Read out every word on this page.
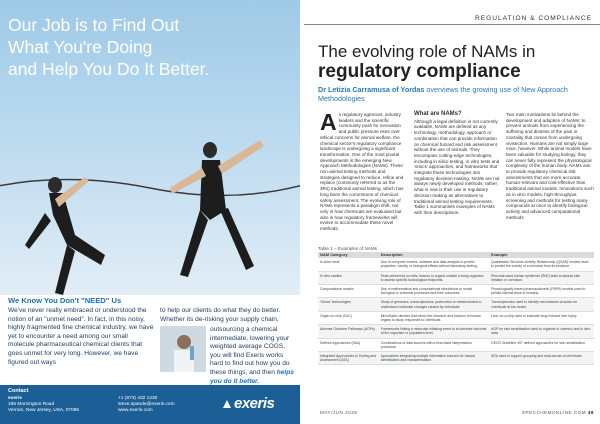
Our Job is to Find Out
What You're Doing
and Help You Do It Better.
We Know You Don't "NEED" Us
We've never really embraced or understood the notion of an "unmet need". In fact, in this noisy, highly fragmented fine chemical industry, we have yet to encounter a need among our small molecule pharmaceutical chemical clients that goes unmet for very long. However, we have figured out ways
to help our clients do what they do better. Whether its de-risking your supply chain,
outsourcing a chemical intermediate, lowering your weighted average COGS, you will find Exeris works hard to find out how you do these things, and then helps you do it better.
Contact
exeris
195 Mornington Road
Vernon, New Jersey, USA, 07095
+1 (973) 432 1230
steve.spande@exeris.com
www.exeris.com	exeris
REGULATION & COMPLIANCE
The evolving role of NAMs in
regulatory compliance
Dr Letizia Carramusa of Yordas overviews the growing use of New Approach Methodologies
A s regulatory agencies, industry leaders and the scientific community push for innovation and public pressure rises over ethical concerns for animal welfare, the chemical sector's regulatory compliance landscape is undergoing a significant transformation. One of the most pivotal developments is the emerging New Approach Methodologies (NAMs). These non-animal testing methods and strategies designed to reduce, refine and replace (commonly referred to as the 3Rs) traditional animal testing, which has long been the cornerstone of chemical safety assessment. The evolving role of NAMs represents a paradigm shift, not only in how chemicals are evaluated but also in how regulatory frameworks will evolve to accommodate these novel methods.
What are NAMs?
Although a legal definition is not currently available, NAMs are defined as any technology, methodology, approach or combination that can provide information on chemical hazard and risk assessment without the use of animals. They encompass cutting-edge technologies, including in silico testing, in vitro tests and 'omics' approaches, and frameworks that integrate these technologies into regulatory decision-making. NAMs are not always newly developed methods; rather, what is new is their use in regulatory decision-making as alternatives to traditional animal testing requirements. Table 1 summarises examples of NAMs with their descriptions.
Two main motivations lie behind the development and adoption of NAMs: to prevent animals from experiencing the suffering and distress of the pain or mortality that comes from undergoing vivisection. Humans are not simply large mice, however. While animal models have been valuable for studying biology, they can never fully represent the physiological complexity of the human body. NAMs aim to provide regulatory chemical risk assessments that are more accurate, human-relevant and cost-effective than traditional animal models. Innovations such as in vitro models, high-throughput screening and methods for testing many compounds at once to identify biological activity and advanced computational methods
Table 1 – Examples of NAMs
NAM Category	Description	Example
In silico tests	Use of computer models, software and data analysis to predict properties, toxicity or biological effects without laboratory testing.	Quantitative Structure-Activity Relationship (QSAR) models used to predict the toxicity of a chemical from its structure.
In vitro studies	Tests performed on cells, tissues or organs outside a living organism to assess specific toxicological endpoints.	Reconstructed human epidermis (RhE) tests to assess skin irritation or corrosion.
Computational models	Use of mathematical and computational simulations to model biological or chemical processes and their outcomes.	Physiologically based pharmacokinetic (PBPK) models used to predict internal dose in humans.
'Omics' technologies	Study of genomics, transcriptomics, proteomics or metabolomics to understand molecular changes caused by chemicals.	Transcriptomics used to identify mechanisms of action for chemicals at low doses.
Organ-on-chip (OoC)	Microfluidic devices that mimic the structure and function of human organs to study responses to chemicals.	Liver-on-a-chip used to evaluate drug-induced liver injury.
Adverse Outcome Pathways (AOPs)	Frameworks linking a molecular initiating event to an adverse outcome at the organism or population level.	AOP for skin sensitisation used to organise in chemico and in vitro data.
Defined Approaches (DAs)	Combinations of data sources with a fixed data interpretation procedure.	OECD Guideline 497 defined approaches for skin sensitisation.
Integrated Approaches to Testing and Assessment (IATA)	Approaches integrating multiple information sources for hazard identification and characterisation.	IATA used to support grouping and read-across of chemicals.
MAY/JUN 2025	SPECCHEMONLINE.COM 49
